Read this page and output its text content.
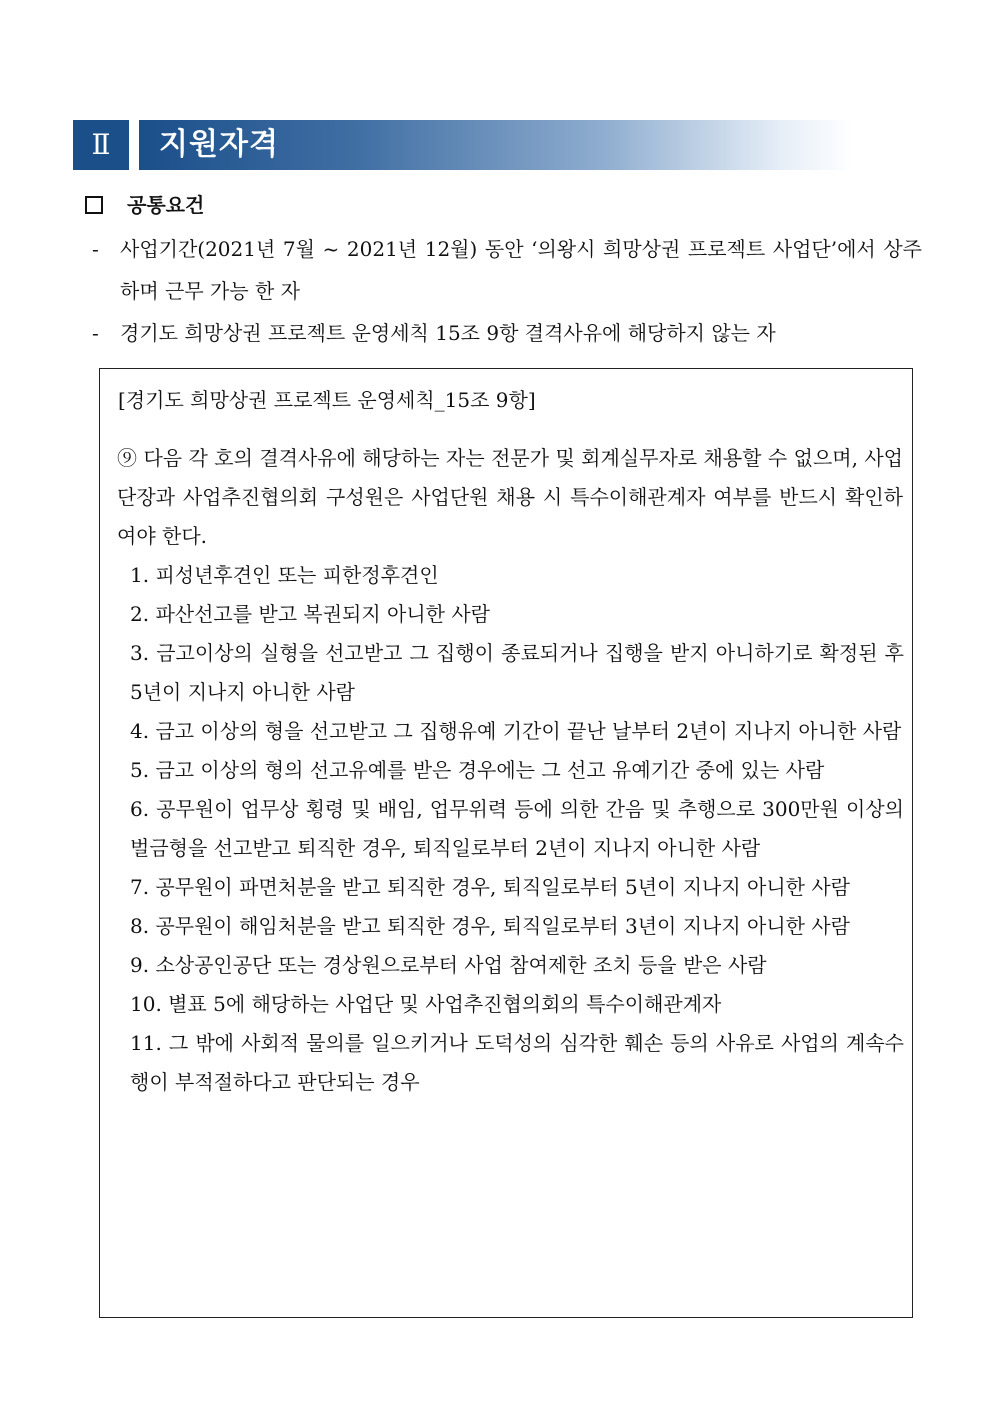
Ⅱ	지원자격
공통요건
- 사업기간(2021년 7월 ~ 2021년 12월) 동안 ‘의왕시 희망상권 프로젝트 사업단’에서 상주하며 근무 가능 한 자
- 경기도 희망상권 프로젝트 운영세칙 15조 9항 결격사유에 해당하지 않는 자
[경기도 희망상권 프로젝트 운영세칙_15조 9항]
⑨ 다음 각 호의 결격사유에 해당하는 자는 전문가 및 회계실무자로 채용할 수 없으며, 사업단장과 사업추진협의회 구성원은 사업단원 채용 시 특수이해관계자 여부를 반드시 확인하여야 한다.
1. 피성년후견인 또는 피한정후견인
2. 파산선고를 받고 복권되지 아니한 사람
3. 금고이상의 실형을 선고받고 그 집행이 종료되거나 집행을 받지 아니하기로 확정된 후 5년이 지나지 아니한 사람
4. 금고 이상의 형을 선고받고 그 집행유예 기간이 끝난 날부터 2년이 지나지 아니한 사람
5. 금고 이상의 형의 선고유예를 받은 경우에는 그 선고 유예기간 중에 있는 사람
6. 공무원이 업무상 횡령 및 배임, 업무위력 등에 의한 간음 및 추행으로 300만원 이상의 벌금형을 선고받고 퇴직한 경우, 퇴직일로부터 2년이 지나지 아니한 사람
7. 공무원이 파면처분을 받고 퇴직한 경우, 퇴직일로부터 5년이 지나지 아니한 사람
8. 공무원이 해임처분을 받고 퇴직한 경우, 퇴직일로부터 3년이 지나지 아니한 사람
9. 소상공인공단 또는 경상원으로부터 사업 참여제한 조치 등을 받은 사람
10. 별표 5에 해당하는 사업단 및 사업추진협의회의 특수이해관계자
11. 그 밖에 사회적 물의를 일으키거나 도덕성의 심각한 훼손 등의 사유로 사업의 계속수행이 부적절하다고 판단되는 경우
